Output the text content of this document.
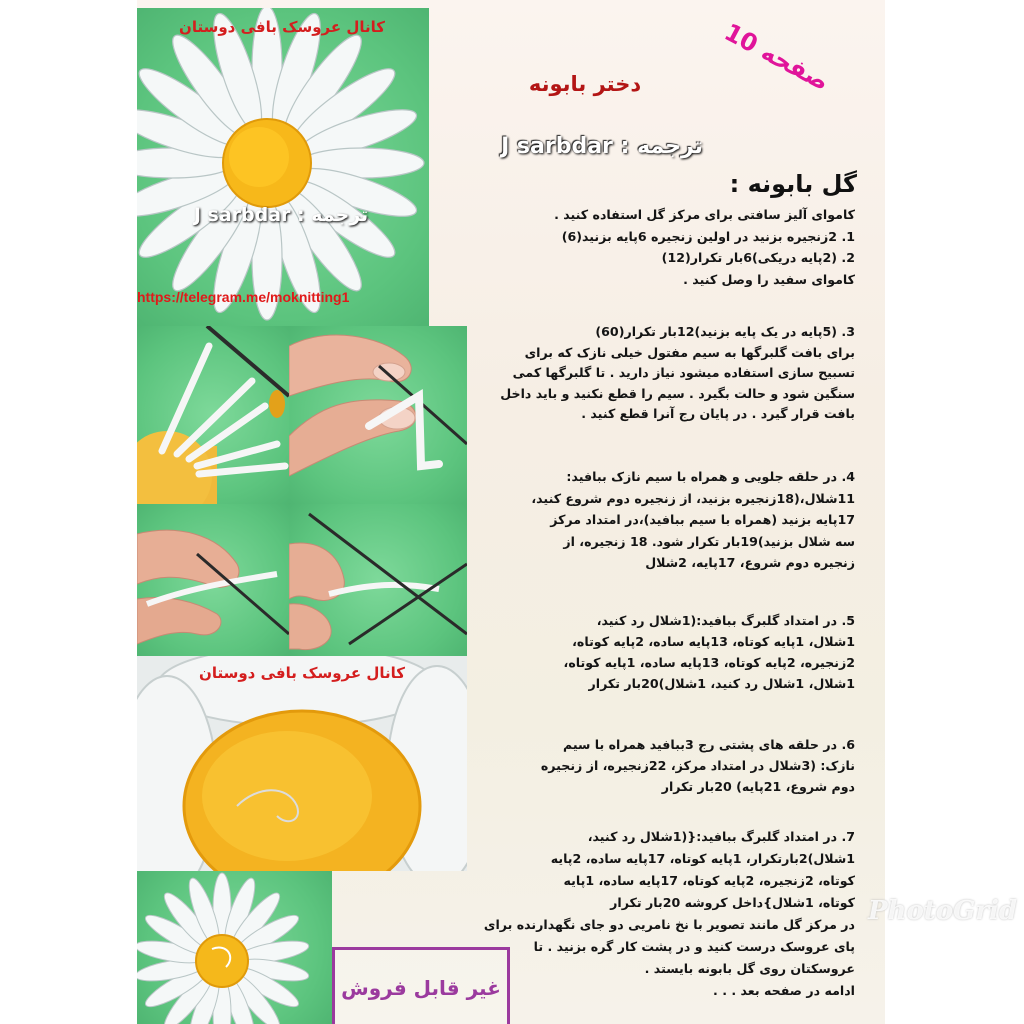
کانال عروسک بافی دوستان
ترجمه : J sarbdar
https://telegram.me/moknitting1
کانال عروسک بافی دوستان
صفحه 10
دختر بابونه
ترجمه : J sarbdar
گل بابونه :

کاموای آلیز سافتی برای مرکز گل استفاده کنید .

1. 2زنجیره بزنید در اولین زنجیره 6پایه بزنید(6)

2. (2پایه دریکی)6بار تکرار(12)

کاموای سفید را وصل کنید .

3. (5پایه در یک پایه بزنید)12بار تکرار(60)

برای بافت گلبرگها به سیم مفتول خیلی نازک که برای

تسبیح سازی استفاده میشود نیاز دارید . تا گلبرگها کمی

سنگین شود و حالت بگیرد . سیم را قطع نکنید و باید داخل

بافت قرار گیرد . در پایان رج آنرا قطع کنید .

4. در حلقه جلویی و همراه با سیم نازک ببافید:

11شلال،(18زنجیره بزنید، از زنجیره دوم شروع کنید،

17پایه بزنید (همراه با سیم ببافید)،در امتداد مرکز

سه شلال بزنید)19بار تکرار شود. 18 زنجیره، از

زنجیره دوم شروع، 17پایه، 2شلال

5. در امتداد گلبرگ ببافید:(1شلال رد کنید،

1شلال، 1پایه کوتاه، 13پایه ساده، 2پایه کوتاه،

2زنجیره، 2پایه کوتاه، 13پایه ساده، 1پایه کوتاه،

1شلال، 1شلال رد کنید، 1شلال)20بار تکرار

6. در حلقه های پشتی رج 3ببافید همراه با سیم

نازک: (3شلال در امتداد مرکز، 22زنجیره، از زنجیره

دوم شروع، 21پایه) 20بار تکرار

7. در امتداد گلبرگ ببافید:{(1شلال رد کنید،

1شلال)2بارتکرار، 1پایه کوتاه، 17پایه ساده، 2پایه

کوتاه، 2زنجیره، 2پایه کوتاه، 17پایه ساده، 1پایه

کوتاه، 1شلال}داخل کروشه 20بار تکرار

در مرکز گل مانند تصویر با نخ نامریی دو جای نگهدارنده برای

پای عروسک درست کنید و در پشت کار گره بزنید . تا

عروسکتان روی گل بابونه بایستد .

ادامه در صفحه بعد . . .

غیر قابل فروش
PhotoGrid
